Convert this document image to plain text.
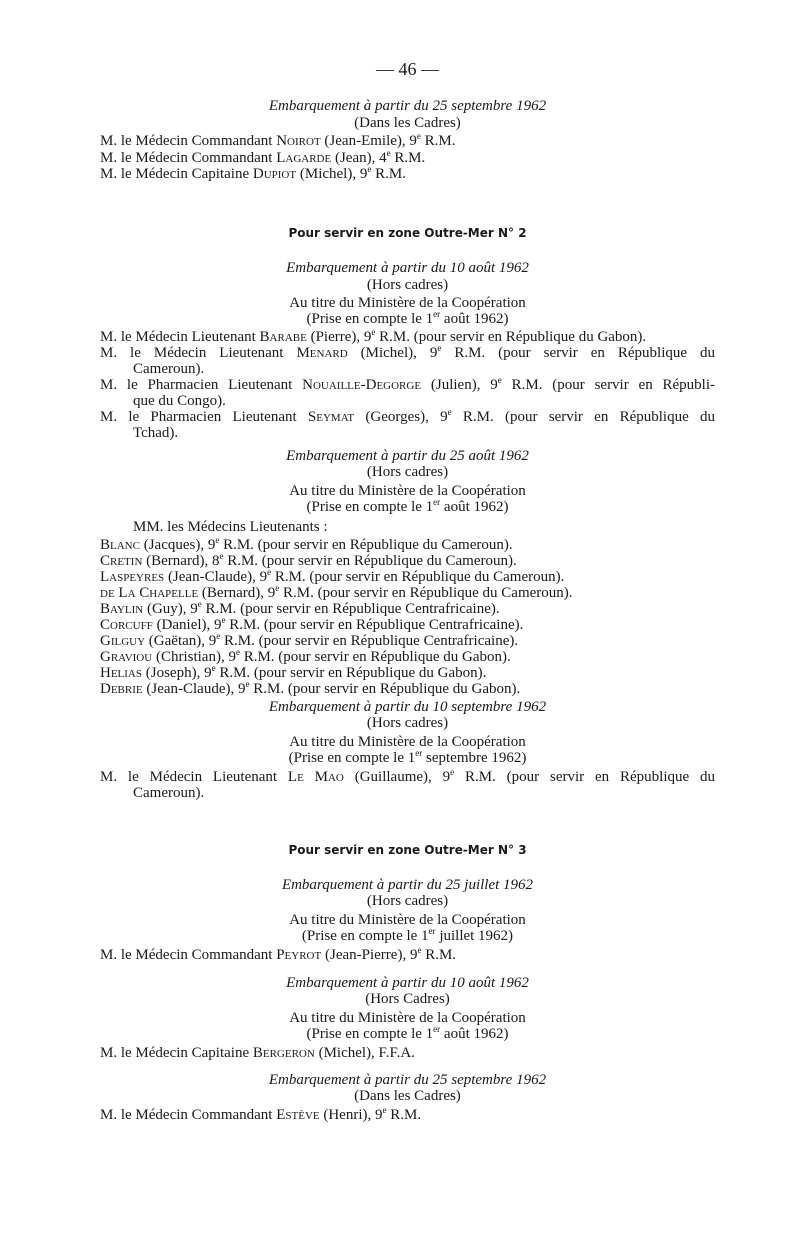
— 46 —
Embarquement à partir du 25 septembre 1962
(Dans les Cadres)
M. le Médecin Commandant Noirot (Jean-Emile), 9e R.M.
M. le Médecin Commandant Lagarde (Jean), 4e R.M.
M. le Médecin Capitaine Dupiot (Michel), 9e R.M.
Pour servir en zone Outre-Mer N° 2
Embarquement à partir du 10 août 1962
(Hors cadres)
Au titre du Ministère de la Coopération
(Prise en compte le 1er août 1962)
M. le Médecin Lieutenant Barabe (Pierre), 9e R.M. (pour servir en République du Gabon).
M. le Médecin Lieutenant Menard (Michel), 9e R.M. (pour servir en République du
Cameroun).
M. le Pharmacien Lieutenant Nouaille-Degorge (Julien), 9e R.M. (pour servir en Républi-
que du Congo).
M. le Pharmacien Lieutenant Seymat (Georges), 9e R.M. (pour servir en République du
Tchad).
Embarquement à partir du 25 août 1962
(Hors cadres)
Au titre du Ministère de la Coopération
(Prise en compte le 1er août 1962)
MM. les Médecins Lieutenants :
Blanc (Jacques), 9e R.M. (pour servir en République du Cameroun).
Cretin (Bernard), 8e R.M. (pour servir en République du Cameroun).
Laspeyres (Jean-Claude), 9e R.M. (pour servir en République du Cameroun).
de La Chapelle (Bernard), 9e R.M. (pour servir en République du Cameroun).
Baylin (Guy), 9e R.M. (pour servir en République Centrafricaine).
Corcuff (Daniel), 9e R.M. (pour servir en République Centrafricaine).
Gilguy (Gaëtan), 9e R.M. (pour servir en République Centrafricaine).
Graviou (Christian), 9e R.M. (pour servir en République du Gabon).
Helias (Joseph), 9e R.M. (pour servir en République du Gabon).
Debrie (Jean-Claude), 9e R.M. (pour servir en République du Gabon).
Embarquement à partir du 10 septembre 1962
(Hors cadres)
Au titre du Ministère de la Coopération
(Prise en compte le 1er septembre 1962)
M. le Médecin Lieutenant Le Mao (Guillaume), 9e R.M. (pour servir en République du
Cameroun).
Pour servir en zone Outre-Mer N° 3
Embarquement à partir du 25 juillet 1962
(Hors cadres)
Au titre du Ministère de la Coopération
(Prise en compte le 1er juillet 1962)
M. le Médecin Commandant Peyrot (Jean-Pierre), 9e R.M.
Embarquement à partir du 10 août 1962
(Hors Cadres)
Au titre du Ministère de la Coopération
(Prise en compte le 1er août 1962)
M. le Médecin Capitaine Bergeron (Michel), F.F.A.
Embarquement à partir du 25 septembre 1962
(Dans les Cadres)
M. le Médecin Commandant Estève (Henri), 9e R.M.
